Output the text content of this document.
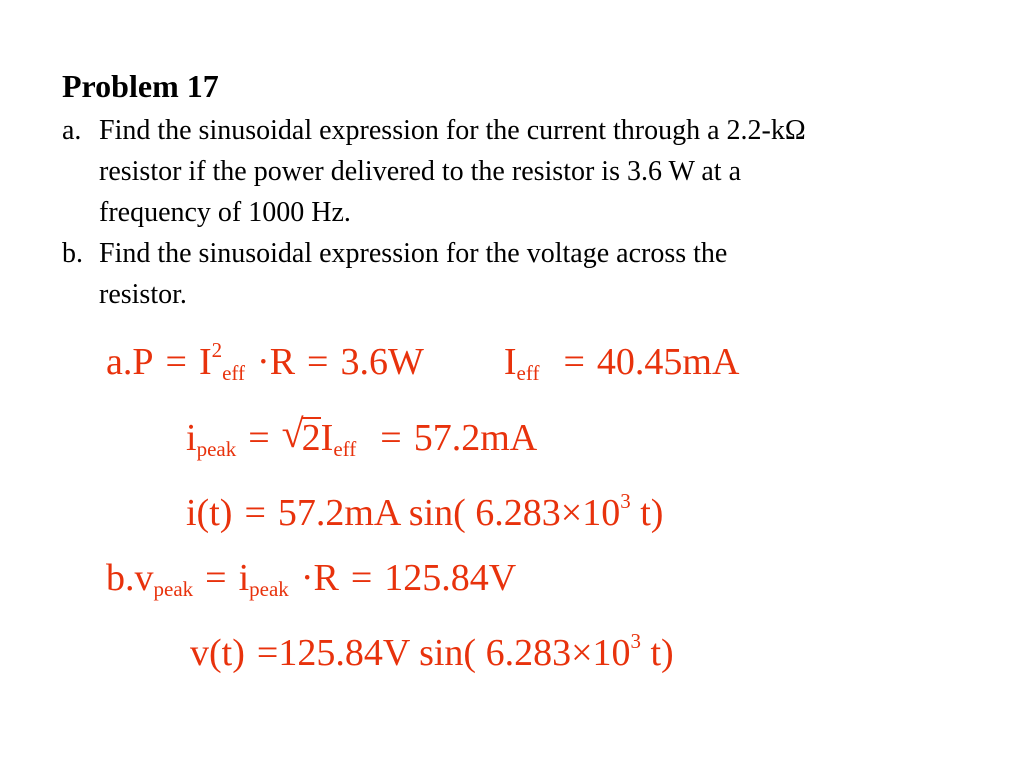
Problem 17
a. Find the sinusoidal expression for the current through a 2.2-kΩ
resistor if the power delivered to the resistor is 3.6 W at a
frequency of 1000 Hz.
b. Find the sinusoidal expression for the voltage across the
resistor.
$a.P = I^2_{eff} \cdot R = 3.6W$ $I_{eff} = 40.45mA$
$i_{peak}$ = √
$2I_{eff} = 57.2mA$
i(t) = 57.2mA sin( $6.283\times 10^3$ t)
$b.v_{peak} = i_{peak} \cdot R = 125.84V$
v(t) =125.84V sin( $6.283\times 10^3$ t)
